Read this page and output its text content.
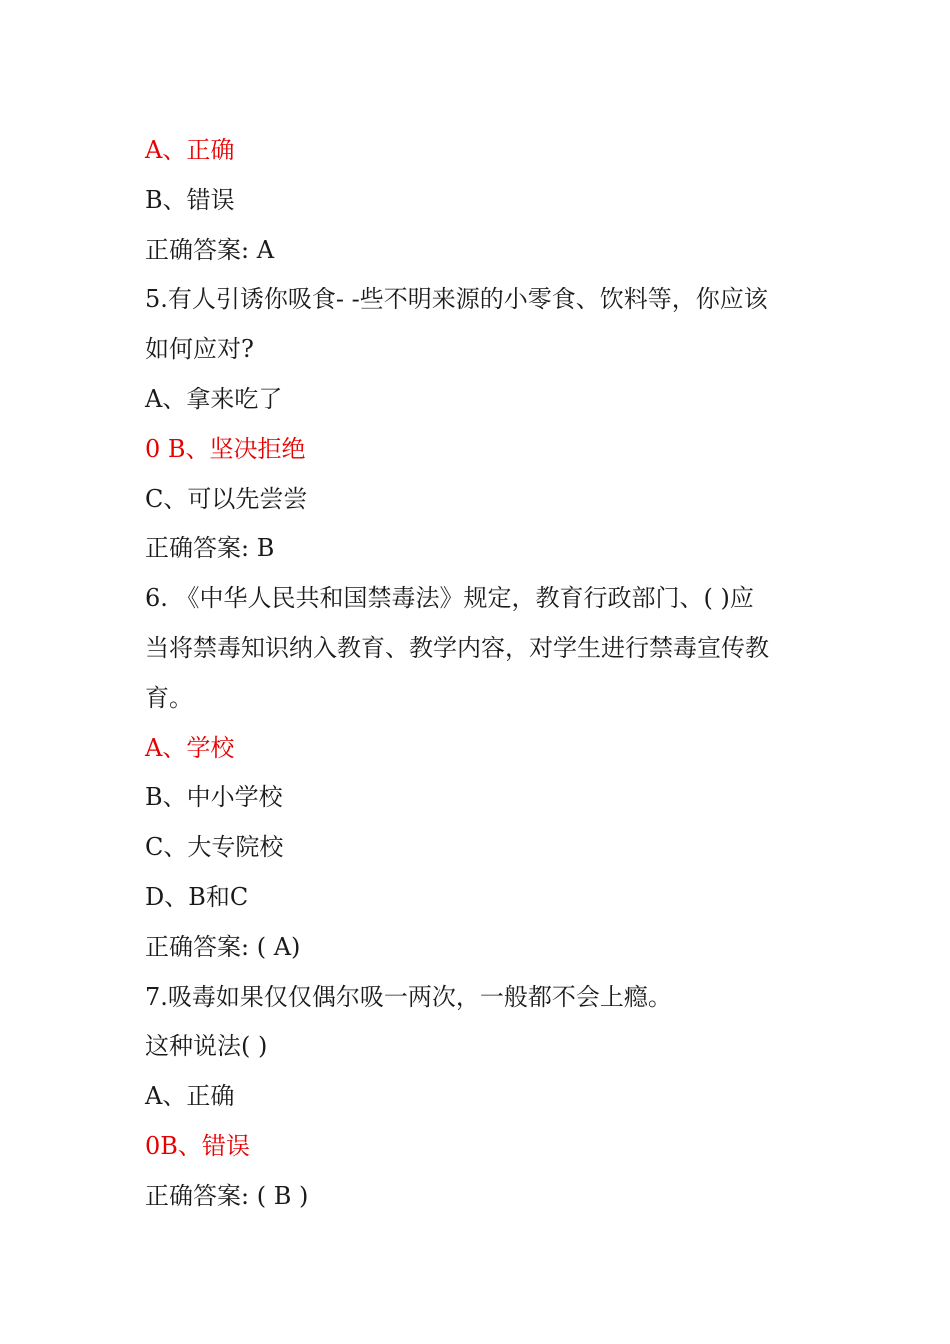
A、正确
B、错误
正确答案: A
5.有人引诱你吸食- -些不明来源的小零食、饮料等，你应该
如何应对?
A、拿来吃了
0 B、坚决拒绝
C、可以先尝尝
正确答案: B
6. 《中华人民共和国禁毒法》规定，教育行政部门、( )应
当将禁毒知识纳入教育、教学内容，对学生进行禁毒宣传教
育。
A、学校
B、中小学校
C、大专院校
D、B和C
正确答案: ( A)
7.吸毒如果仅仅偶尔吸一两次，一般都不会上瘾。
这种说法( )
A、正确
0B、错误
正确答案: ( B )
